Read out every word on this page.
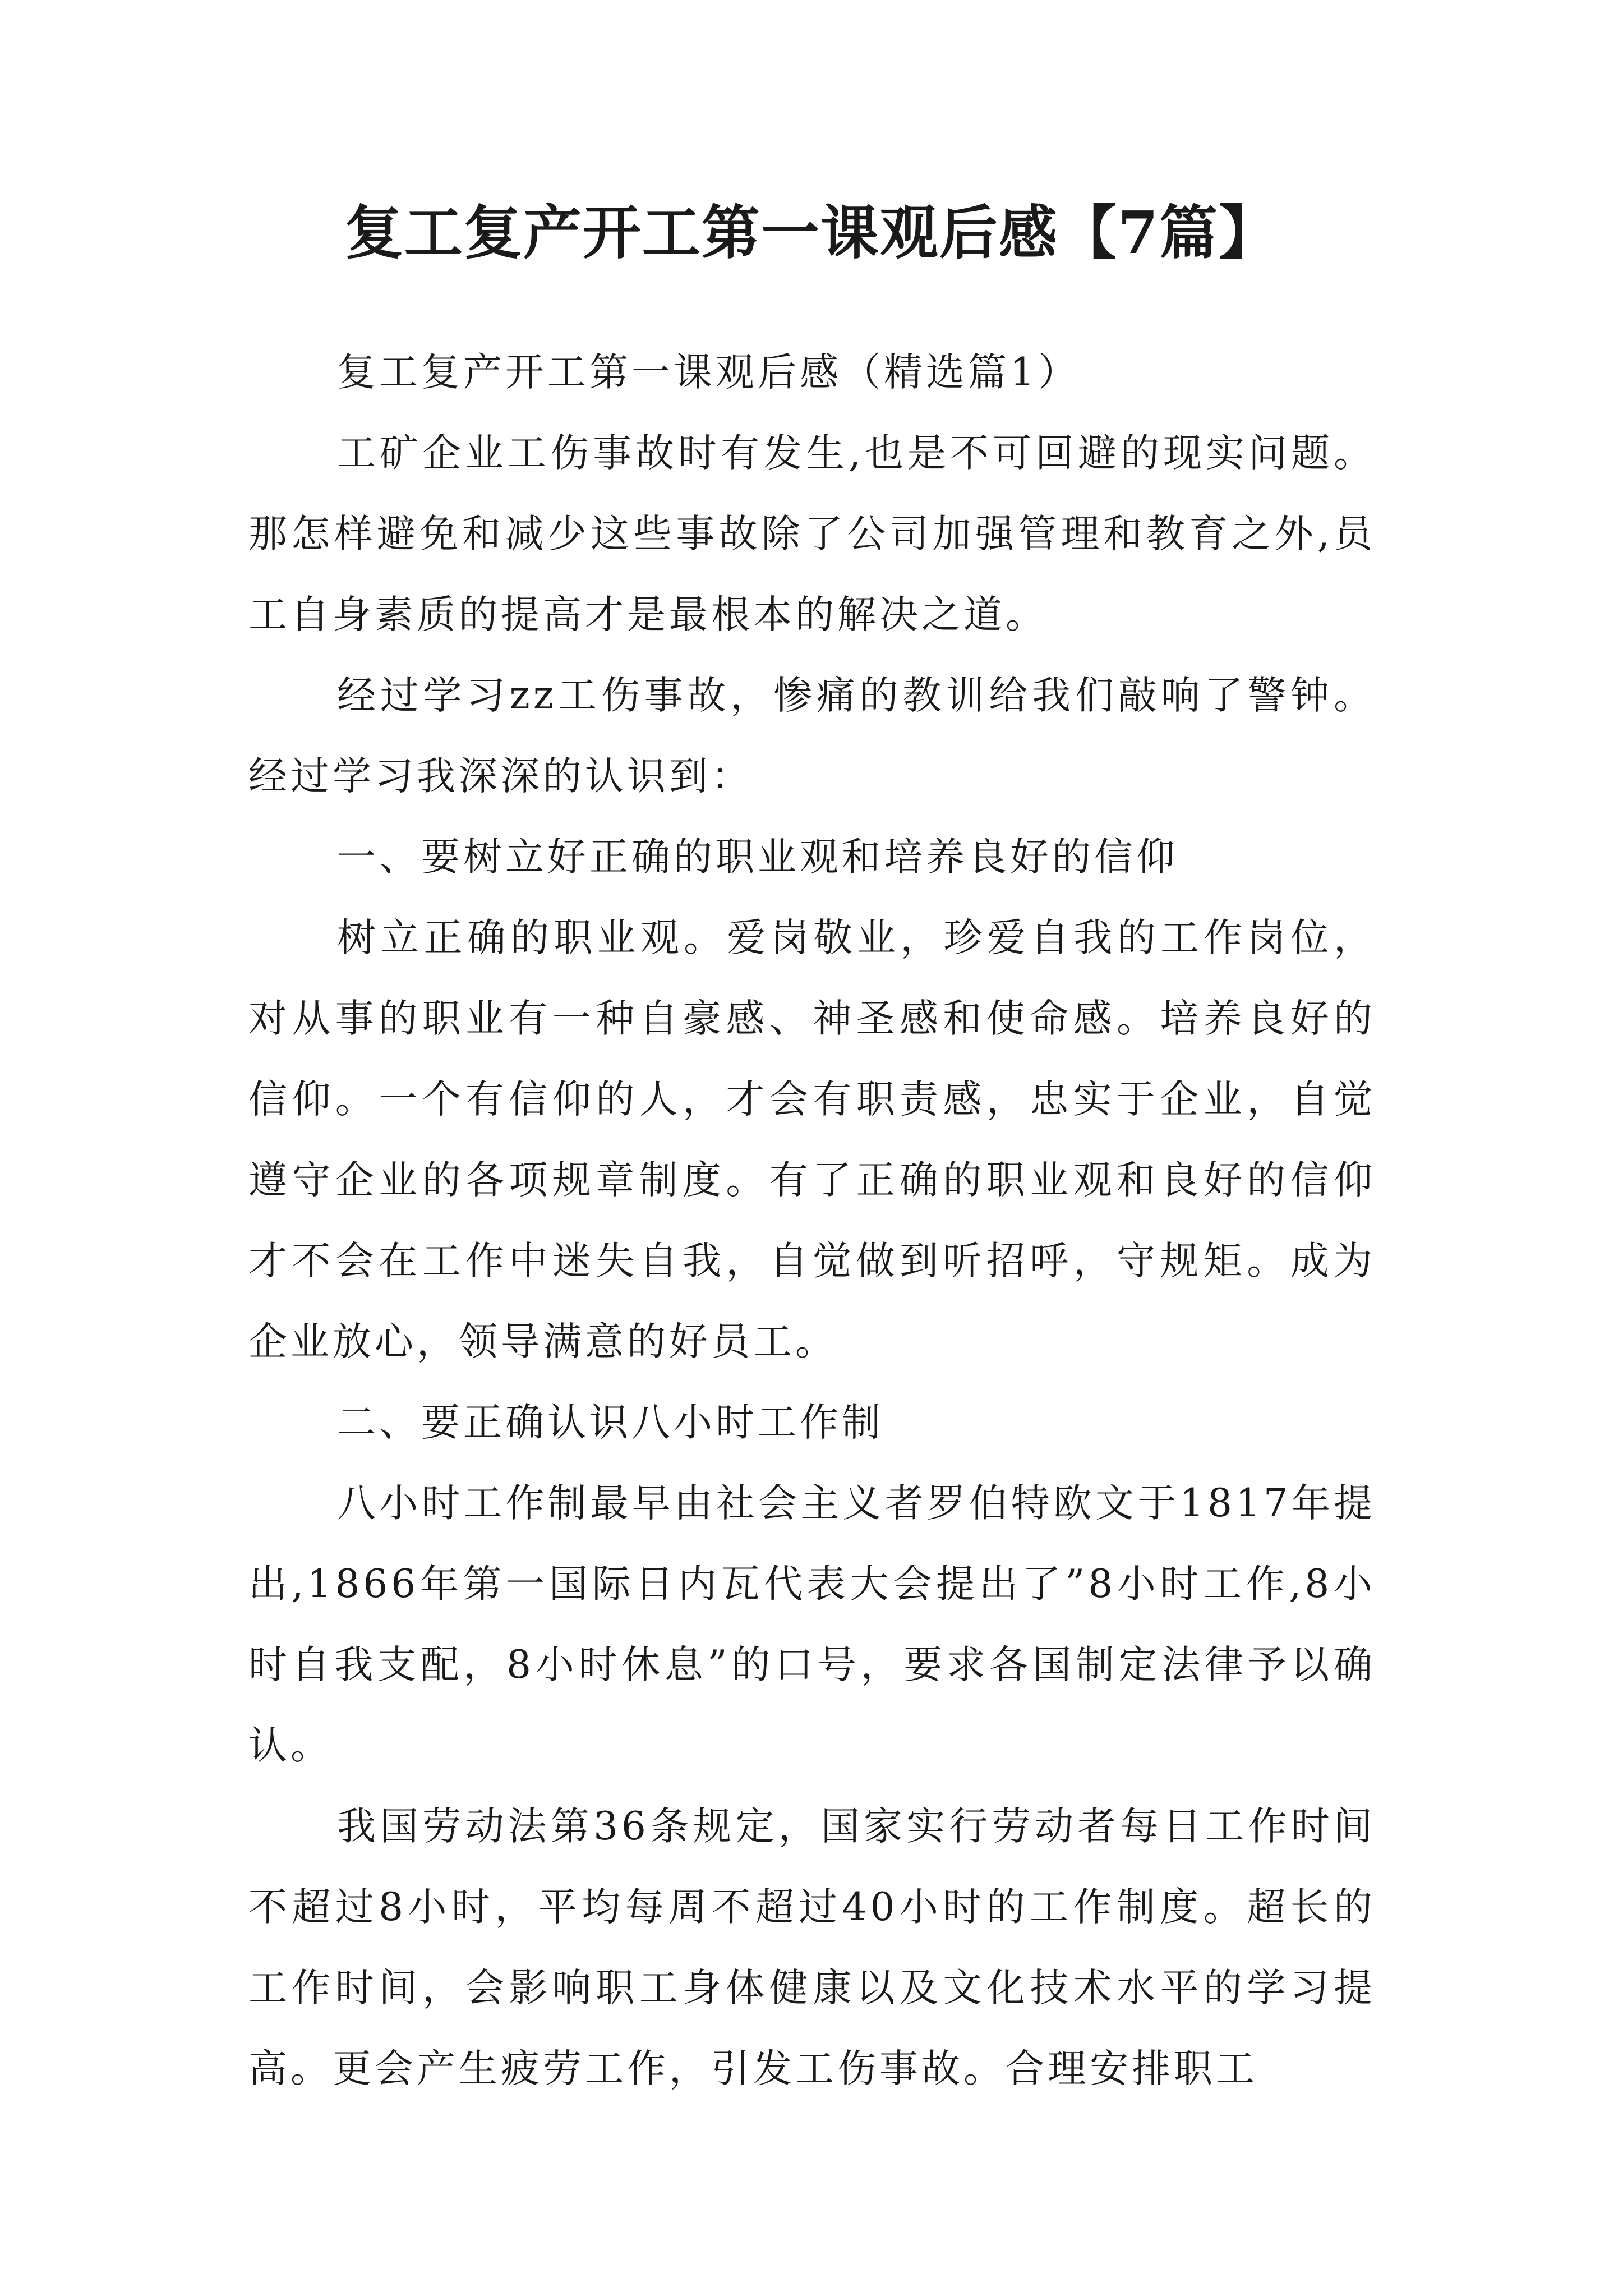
复工复产开工第一课观后感【7篇】

复工复产开工第一课观后感（精选篇1）

工矿企业工伤事故时有发生,也是不可回避的现实问题。那怎样避免和减少这些事故除了公司加强管理和教育之外,员工自身素质的提高才是最根本的解决之道。

经过学习zz工伤事故，惨痛的教训给我们敲响了警钟。经过学习我深深的认识到：

一、要树立好正确的职业观和培养良好的信仰

树立正确的职业观。爱岗敬业，珍爱自我的工作岗位，对从事的职业有一种自豪感、神圣感和使命感。培养良好的信仰。一个有信仰的人，才会有职责感，忠实于企业，自觉遵守企业的各项规章制度。有了正确的职业观和良好的信仰才不会在工作中迷失自我，自觉做到听招呼，守规矩。成为企业放心，领导满意的好员工。

二、要正确认识八小时工作制

八小时工作制最早由社会主义者罗伯特欧文于1817年提出,1866年第一国际日内瓦代表大会提出了”8小时工作,8小时自我支配，8小时休息”的口号，要求各国制定法律予以确认。

我国劳动法第36条规定，国家实行劳动者每日工作时间不超过8小时，平均每周不超过40小时的工作制度。超长的工作时间，会影响职工身体健康以及文化技术水平的学习提高。更会产生疲劳工作，引发工伤事故。合理安排职工
